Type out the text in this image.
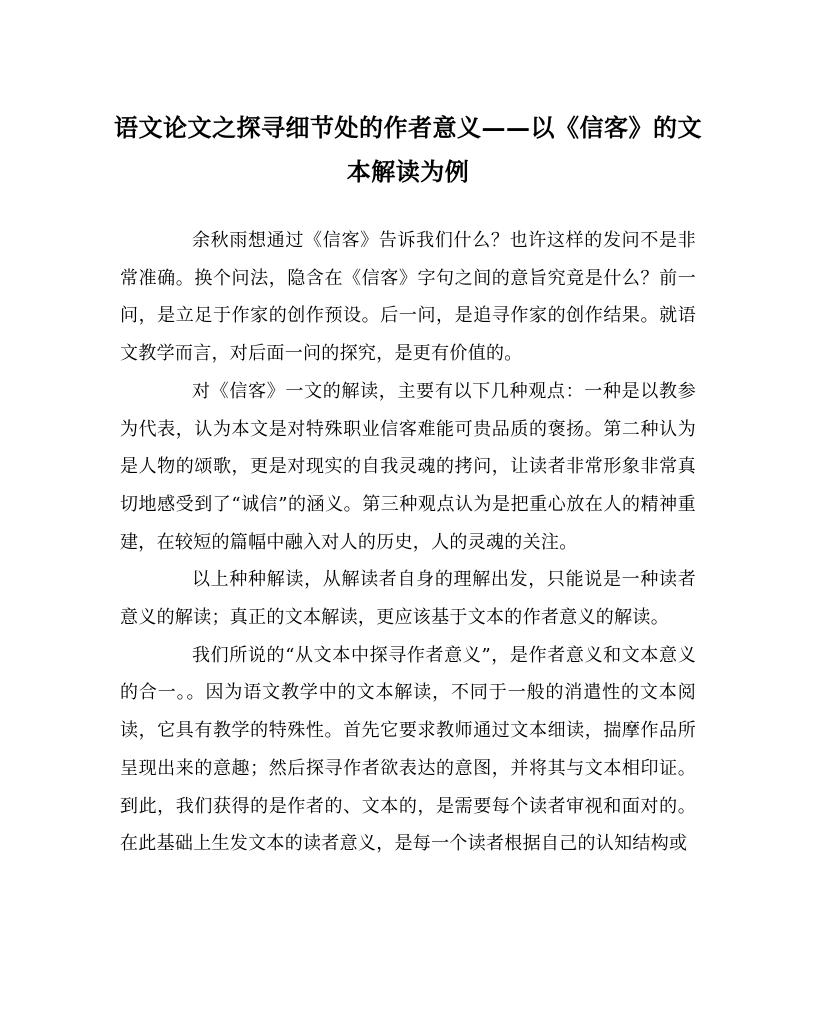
语文论文之探寻细节处的作者意义——以《信客》的文本解读为例

余秋雨想通过《信客》告诉我们什么？也许这样的发问不是非常准确。换个问法，隐含在《信客》字句之间的意旨究竟是什么？前一问，是立足于作家的创作预设。后一问，是追寻作家的创作结果。就语文教学而言，对后面一问的探究，是更有价值的。

对《信客》一文的解读，主要有以下几种观点：一种是以教参为代表，认为本文是对特殊职业信客难能可贵品质的褒扬。第二种认为是人物的颂歌，更是对现实的自我灵魂的拷问，让读者非常形象非常真切地感受到了“诚信”的涵义。第三种观点认为是把重心放在人的精神重建，在较短的篇幅中融入对人的历史，人的灵魂的关注。

以上种种解读，从解读者自身的理解出发，只能说是一种读者意义的解读；真正的文本解读，更应该基于文本的作者意义的解读。

我们所说的“从文本中探寻作者意义”，是作者意义和文本意义的合一。。因为语文教学中的文本解读，不同于一般的消遣性的文本阅读，它具有教学的特殊性。首先它要求教师通过文本细读，揣摩作品所呈现出来的意趣；然后探寻作者欲表达的意图，并将其与文本相印证。到此，我们获得的是作者的、文本的，是需要每个读者审视和面对的。在此基础上生发文本的读者意义，是每一个读者根据自己的认知结构或
